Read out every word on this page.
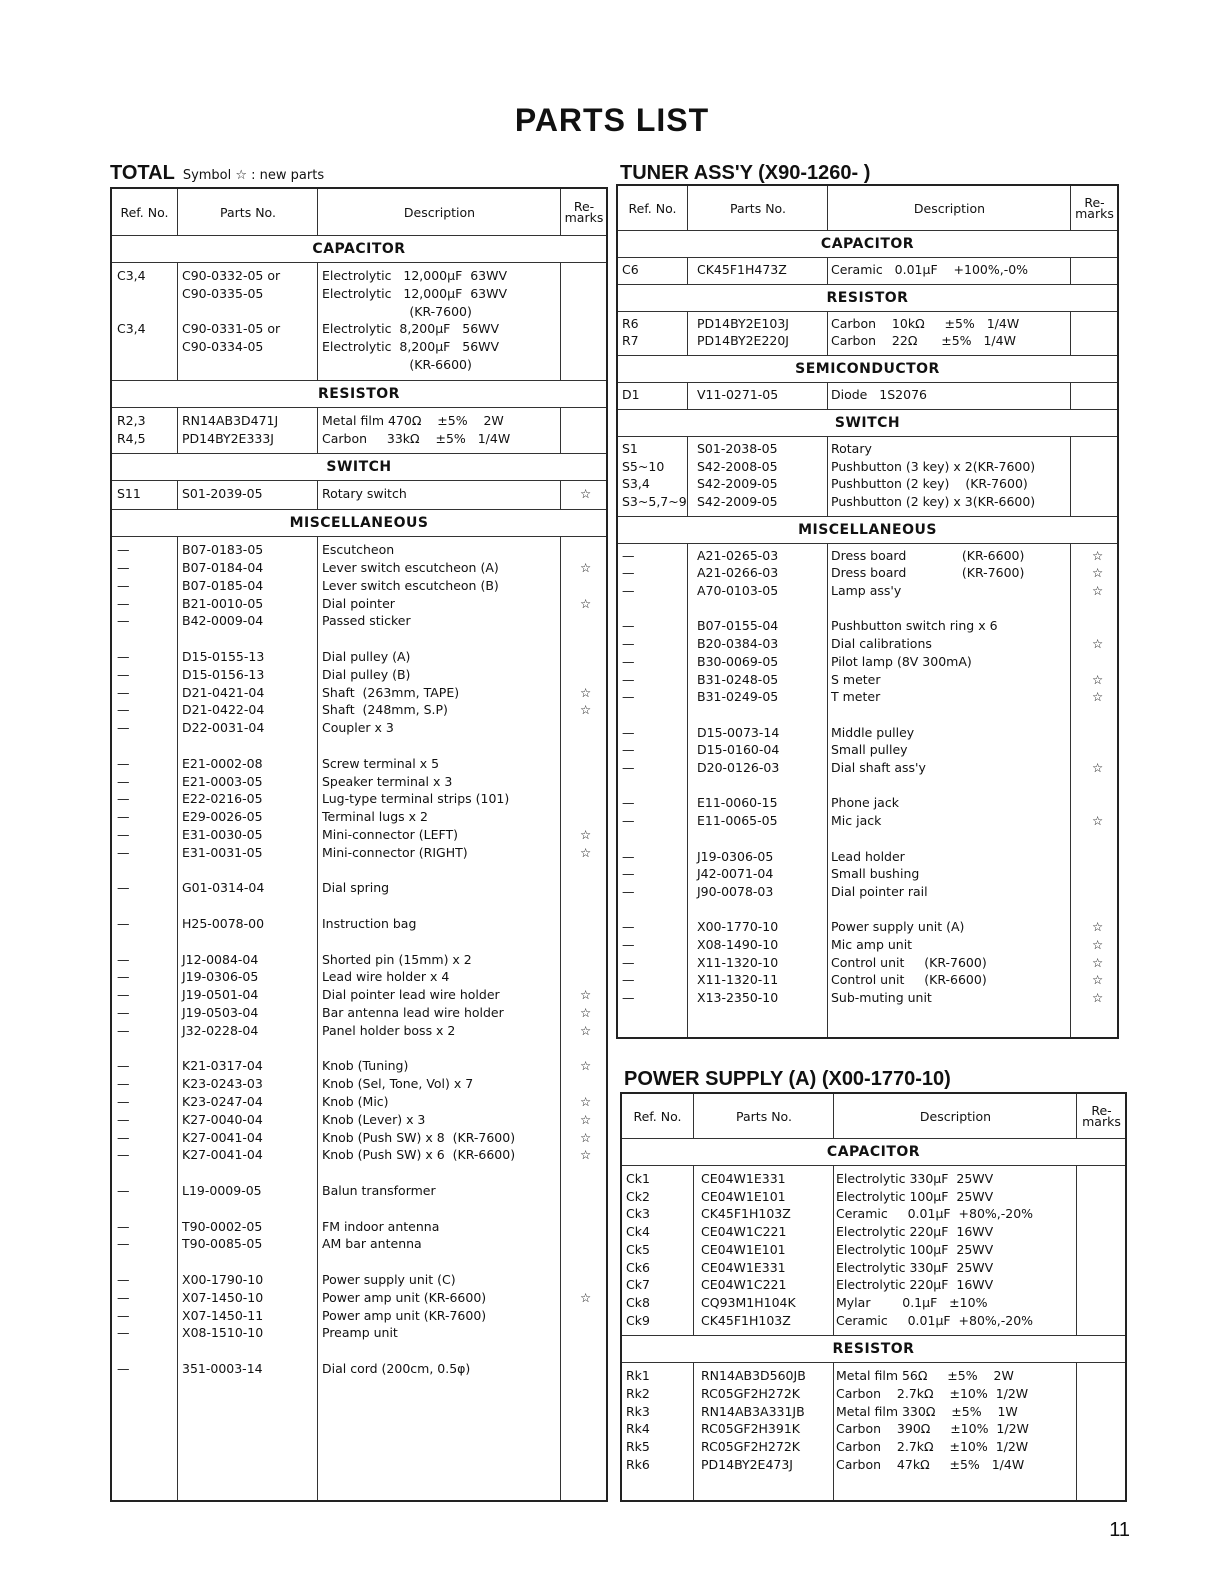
PARTS LIST
TOTAL Symbol ☆ : new parts	TUNER ASS'Y (X90-1260- )
POWER SUPPLY (A) (X00-1770-10)
Ref. No.	Parts No.	Description	Re- marks
CAPACITOR
C3,4	C90-0332-05 or	Electrolytic   12,000μF  63WV
C90-0335-05	Electrolytic   12,000μF  63WV
(KR-7600)
C3,4	C90-0331-05 or	Electrolytic  8,200μF   56WV
C90-0334-05	Electrolytic  8,200μF   56WV
(KR-6600)
RESISTOR
R2,3	RN14AB3D471J	Metal film 470Ω    ±5%    2W
R4,5	PD14BY2E333J	Carbon     33kΩ    ±5%   1/4W
SWITCH
S11	S01-2039-05	Rotary switch	☆
MISCELLANEOUS
—	B07-0183-05	Escutcheon
—	B07-0184-04	Lever switch escutcheon (A)	☆
—	B07-0185-04	Lever switch escutcheon (B)
—	B21-0010-05	Dial pointer	☆
—	B42-0009-04	Passed sticker
—	D15-0155-13	Dial pulley (A)
—	D15-0156-13	Dial pulley (B)
—	D21-0421-04	Shaft  (263mm, TAPE)	☆
—	D21-0422-04	Shaft  (248mm, S.P)	☆
—	D22-0031-04	Coupler x 3
—	E21-0002-08	Screw terminal x 5
—	E21-0003-05	Speaker terminal x 3
—	E22-0216-05	Lug-type terminal strips (101)
—	E29-0026-05	Terminal lugs x 2
—	E31-0030-05	Mini-connector (LEFT)	☆
—	E31-0031-05	Mini-connector (RIGHT)	☆
—	G01-0314-04	Dial spring
—	H25-0078-00	Instruction bag
—	J12-0084-04	Shorted pin (15mm) x 2
—	J19-0306-05	Lead wire holder x 4
—	J19-0501-04	Dial pointer lead wire holder	☆
—	J19-0503-04	Bar antenna lead wire holder	☆
—	J32-0228-04	Panel holder boss x 2	☆
—	K21-0317-04	Knob (Tuning)	☆
—	K23-0243-03	Knob (Sel, Tone, Vol) x 7
—	K23-0247-04	Knob (Mic)	☆
—	K27-0040-04	Knob (Lever) x 3	☆
—	K27-0041-04	Knob (Push SW) x 8  (KR-7600)	☆
—	K27-0041-04	Knob (Push SW) x 6  (KR-6600)	☆
—	L19-0009-05	Balun transformer
—	T90-0002-05	FM indoor antenna
—	T90-0085-05	AM bar antenna
—	X00-1790-10	Power supply unit (C)
—	X07-1450-10	Power amp unit (KR-6600)	☆
—	X07-1450-11	Power amp unit (KR-7600)
—	X08-1510-10	Preamp unit
—	351-0003-14	Dial cord (200cm, 0.5φ)
Ref. No.	Parts No.	Description	Re- marks
CAPACITOR
C6	CK45F1H473Z	Ceramic   0.01μF    +100%,-0%
RESISTOR
R6	PD14BY2E103J	Carbon    10kΩ     ±5%   1/4W
R7	PD14BY2E220J	Carbon    22Ω      ±5%   1/4W
SEMICONDUCTOR
D1	V11-0271-05	Diode   1S2076
SWITCH
S1	S01-2038-05	Rotary
S5~10	S42-2008-05	Pushbutton (3 key) x 2(KR-7600)
S3,4	S42-2009-05	Pushbutton (2 key)    (KR-7600)
S3~5,7~9 S42-2009-05	Pushbutton (2 key) x 3(KR-6600)
MISCELLANEOUS
—	A21-0265-03	Dress board              (KR-6600)	☆
—	A21-0266-03	Dress board              (KR-7600)	☆
—	A70-0103-05	Lamp ass'y	☆
—	B07-0155-04	Pushbutton switch ring x 6
—	B20-0384-03	Dial calibrations	☆
—	B30-0069-05	Pilot lamp (8V 300mA)
—	B31-0248-05	S meter	☆
—	B31-0249-05	T meter	☆
—	D15-0073-14	Middle pulley
—	D15-0160-04	Small pulley
—	D20-0126-03	Dial shaft ass'y	☆
—	E11-0060-15	Phone jack
—	E11-0065-05	Mic jack	☆
—	J19-0306-05	Lead holder
—	J42-0071-04	Small bushing
—	J90-0078-03	Dial pointer rail
—	X00-1770-10	Power supply unit (A)	☆
—	X08-1490-10	Mic amp unit	☆
—	X11-1320-10	Control unit     (KR-7600)	☆
—	X11-1320-11	Control unit     (KR-6600)	☆
—	X13-2350-10	Sub-muting unit	☆
Ref. No.	Parts No.	Description	Re- marks
CAPACITOR
Ck1	CE04W1E331	Electrolytic 330μF  25WV
Ck2	CE04W1E101	Electrolytic 100μF  25WV
Ck3	CK45F1H103Z	Ceramic     0.01μF  +80%,-20%
Ck4	CE04W1C221	Electrolytic 220μF  16WV
Ck5	CE04W1E101	Electrolytic 100μF  25WV
Ck6	CE04W1E331	Electrolytic 330μF  25WV
Ck7	CE04W1C221	Electrolytic 220μF  16WV
Ck8	CQ93M1H104K	Mylar        0.1μF   ±10%
Ck9	CK45F1H103Z	Ceramic     0.01μF  +80%,-20%
RESISTOR
Rk1	RN14AB3D560JB Metal film 56Ω     ±5%    2W
Rk2	RC05GF2H272K	Carbon    2.7kΩ    ±10%  1/2W
Rk3	RN14AB3A331JB	Metal film 330Ω    ±5%    1W
Rk4	RC05GF2H391K	Carbon    390Ω     ±10%  1/2W
Rk5	RC05GF2H272K	Carbon    2.7kΩ    ±10%  1/2W
Rk6	PD14BY2E473J	Carbon    47kΩ     ±5%   1/4W
11
